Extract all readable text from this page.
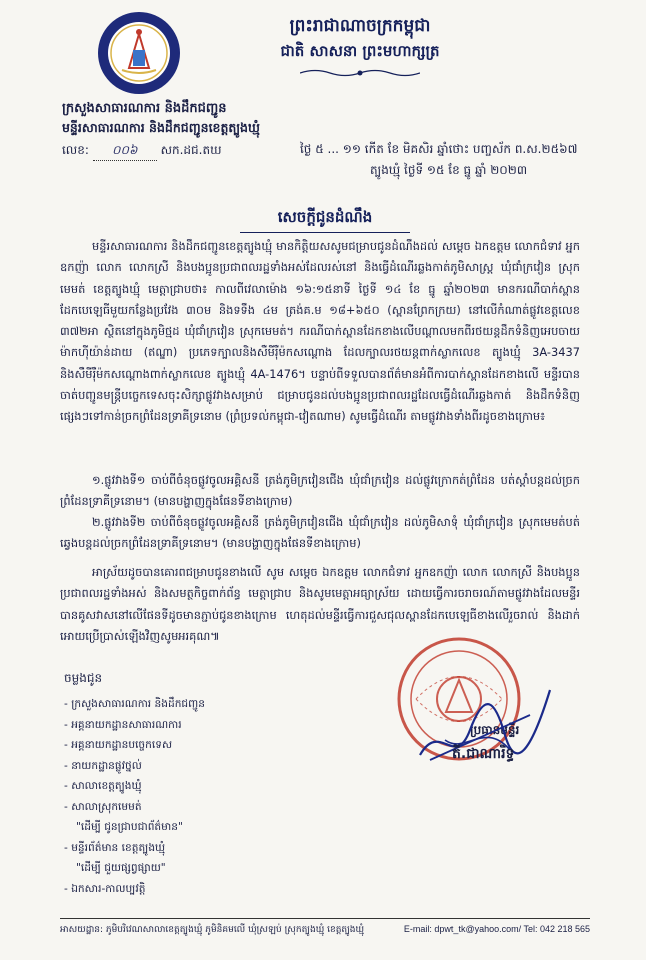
ព្រះរាជាណាចក្រកម្ពុជា
ជាតិ សាសនា ព្រះមហាក្សត្រ
ក្រសួងសាធារណការ និងដឹកជញ្ជូន
មន្ទីរសាធារណការ និងដឹកជញ្ជូនខេត្តត្បូងឃ្មុំ
លេខ: ០០៦ សក.ដជ.តឃ	ថ្ងៃ ៥ ... ១១ កើត ខែ មិគសិរ ឆ្នាំថោះ បញ្ចស័ក ព.ស.២៥៦៧
ត្បូងឃ្មុំ ថ្ងៃទី ១៥ ខែ ធ្នូ ឆ្នាំ ២០២៣
សេចក្ដីជូនដំណឹង
មន្ទីរសាធារណការ និងដឹកជញ្ជូនខេត្តត្បូងឃ្មុំ មានកិត្តិយសសូមជម្រាបជូនដំណឹងដល់ សម្ដេច ឯកឧត្តម លោកជំទាវ អ្នកឧកញ៉ា លោក លោកស្រី និងបងប្អូនប្រជាពលរដ្ឋទាំងអស់ដែលរស់នៅ និងធ្វើដំណើរឆ្លងកាត់ភូមិសាស្ត្រ ឃុំជាំក្រវៀន ស្រុកមេមត់ ខេត្តត្បូងឃ្មុំ មេត្តាជ្រាបថា៖ កាលពីវេលាម៉ោង ១៦:១៥នាទី ថ្ងៃទី ១៤ ខែ ធ្នូ ឆ្នាំ២០២៣ មានករណីបាក់ស្ពានដែកបេឡេធីមួយកន្លែងប្រវែង ៣០ម និងទទឹង ៤ម ត្រង់គ.ម ១៨+៦៥០ (ស្ពានព្រែកក្រយ) នៅលើកំណាត់ផ្លូវខេត្តលេខ ៣៧២អា ស្ថិតនៅក្នុងភូមិថ្មដ ឃុំជាំក្រវៀន ស្រុកមេមត់។ ករណីបាក់ស្ពានដែកខាងលើបណ្ដាលមកពីរថយន្តដឹកទំនិញអេបចាយម៉ាកហ៊ីយ៉ាន់ដាយ (ឥណ្ឌា) ប្រភេទក្បាលនិងសឺមីរ៉ឺម៉កសណ្ដោង ដែលក្បាលរថយន្តពាក់ស្លាកលេខ ត្បូងឃ្មុំ 3A-3437 និងសឺមីរ៉ឺម៉កសណ្ដោងពាក់ស្លាកលេខ ត្បូងឃ្មុំ 4A-1476។ បន្ទាប់ពីទទួលបានព័ត៌មានអំពីការបាក់ស្ពានដែកខាងលើ មន្ទីរបានចាត់បញ្ជូនមន្ត្រីបច្ចេកទេសចុះសិក្សាផ្លូវវាងសម្រាប់ ជម្រាបជូនដល់បងប្អូនប្រជាពលរដ្ឋដែលធ្វើដំណើរឆ្លងកាត់ និងដឹកទំនិញផ្សេងៗទៅកាន់ច្រកព្រំដែនទ្រាគីទ្រនោម (ព្រំប្រទល់កម្ពុជា-វៀតណាម) សូមធ្វើដំណើរ តាមផ្លូវវាងទាំងពីរដូចខាងក្រោម៖
១.ផ្លូវវាងទី១ ចាប់ពីចំនុចផ្លូវចូលអគ្គិសនី ត្រង់ភូមិក្រវៀនជើង ឃុំជាំក្រវៀន ដល់ផ្លូវក្រោកត់ព្រំដែន បត់ស្ដាំបន្តដល់ច្រកព្រំដែនទ្រាគីទ្រនោម។ (មានបង្ហាញក្នុងផែនទីខាងក្រោម)
២.ផ្លូវវាងទី២ ចាប់ពីចំនុចផ្លូវចូលអគ្គិសនី ត្រង់ភូមិក្រវៀនជើង ឃុំជាំក្រវៀន ដល់ភូមិសាទុំ ឃុំជាំក្រវៀន ស្រុកមេមត់បត់ឆ្វេងបន្តដល់ច្រកព្រំដែនទ្រាគីទ្រនោម។ (មានបង្ហាញក្នុងផែនទីខាងក្រោម)
អាស្រ័យដូចបានគោរពជម្រាបជូនខាងលើ សូម សម្ដេច ឯកឧត្តម លោកជំទាវ អ្នកឧកញ៉ា លោក លោកស្រី និងបងប្អូនប្រជាពលរដ្ឋទាំងអស់ និងសមត្ថកិច្ចពាក់ព័ន្ធ មេត្តាជ្រាប និងសូមមេត្តាអធ្យាស្រ័យ ដោយធ្វើការចរាចរណ៍តាមផ្លូវវាងដែលមន្ទីរបានគូសវាសនៅលើផែនទីដូចមានភ្ជាប់ជូនខាងក្រោម ហេតុដល់មន្ទីរធ្វើការជួសជុលស្ពានដែកបេឡេធីខាងលើរួចរាល់ និងដាក់អោយប្រើប្រាស់ឡើងវិញសូមអរគុណ៕
ចម្លងជូន
- ក្រសួងសាធារណការ និងដឹកជញ្ជូន
- អគ្គនាយកដ្ឋានសាធារណការ
- អគ្គនាយកដ្ឋានបច្ចេកទេស
- នាយកដ្ឋានផ្លូវថ្នល់
- សាលាខេត្តត្បូងឃ្មុំ
- សាលាស្រុកមេមត់
"ដើម្បី ជូនជ្រាបជាព័ត៌មាន"
- មន្ទីរព័ត៌មាន ខេត្តត្បូងឃ្មុំ
"ដើម្បី ជួយផ្សព្វផ្សាយ"
- ឯកសារ-កាលប្បវត្តិ
ប្រធានមន្ទីរ
តី.ជាណារិទ្ធ
អាសយដ្ឋាន: ភូមិបរិវេណសាលាខេត្តត្បូងឃ្មុំ ភូមិនិគមលើ ឃុំស្រឡប់ ស្រុកត្បូងឃ្មុំ ខេត្តត្បូងឃ្មុំ	E-mail: dpwt_tk@yahoo.com/ Tel: 042 218 565
